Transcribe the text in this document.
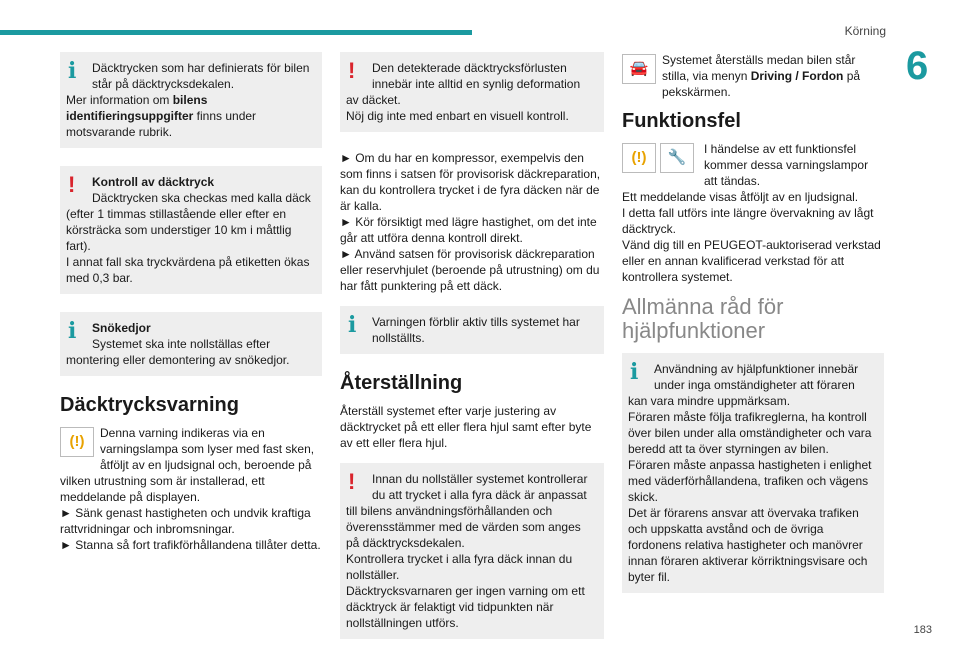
Körning
6
183
i Däcktrycken som har definierats för bilen står på däcktrycksdekalen.
Mer information om bilens identifieringsuppgifter finns under motsvarande rubrik.
! Kontroll av däcktryck
Däcktrycken ska checkas med kalla däck
(efter 1 timmas stillastående eller efter en körsträcka som understiger 10 km i måttlig fart).
I annat fall ska tryckvärdena på etiketten ökas med 0,3 bar.
i Snökedjor
Systemet ska inte nollställas efter
montering eller demontering av snökedjor.
Däcktrycksvarning
(!)	Denna varning indikeras via en varningslampa som lyser med fast sken, åtföljt av en ljudsignal och, beroende på vilken utrustning som är installerad, ett meddelande på displayen.

► Sänk genast hastigheten och undvik kraftiga rattvridningar och inbromsningar.

► Stanna så fort trafikförhållandena tillåter detta.

! Den detekterade däcktrycksförlusten innebär inte alltid en synlig deformation
av däcket.
Nöj dig inte med enbart en visuell kontroll.

► Om du har en kompressor, exempelvis den som finns i satsen för provisorisk däckreparation, kan du kontrollera trycket i de fyra däcken när de är kalla.

► Kör försiktigt med lägre hastighet, om det inte går att utföra denna kontroll direkt.

► Använd satsen för provisorisk däckreparation eller reservhjulet (beroende på utrustning) om du har fått punktering på ett däck.

i Varningen förblir aktiv tills systemet har nollställts.
Återställning

Återställ systemet efter varje justering av däcktrycket på ett eller flera hjul samt efter byte av ett eller flera hjul.

! Innan du nollställer systemet kontrollerar du att trycket i alla fyra däck är anpassat
till bilens användningsförhållanden och överensstämmer med de värden som anges på däcktrycksdekalen.
Kontrollera trycket i alla fyra däck innan du nollställer.
Däcktrycksvarnaren ger ingen varning om ett däcktryck är felaktigt vid tidpunkten när nollställningen utförs.
🚘	Systemet återställs medan bilen står stilla, via menyn Driving / Fordon på pekskärmen.
Funktionsfel
(!) 🔧	I händelse av ett funktionsfel kommer dessa varningslampor att tändas.
Ett meddelande visas åtföljt av en ljudsignal.
I detta fall utförs inte längre övervakning av lågt däcktryck.
Vänd dig till en PEUGEOT-auktoriserad verkstad eller en annan kvalificerad verkstad för att kontrollera systemet.
Allmänna råd för hjälpfunktioner
i Användning av hjälpfunktioner innebär under inga omständigheter att föraren
kan vara mindre uppmärksam.
Föraren måste följa trafikreglerna, ha kontroll över bilen under alla omständigheter och vara beredd att ta över styrningen av bilen.
Föraren måste anpassa hastigheten i enlighet med väderförhållandena, trafiken och vägens skick.
Det är förarens ansvar att övervaka trafiken och uppskatta avstånd och de övriga fordonens relativa hastigheter och manövrer innan föraren aktiverar körriktningsvisare och byter fil.
